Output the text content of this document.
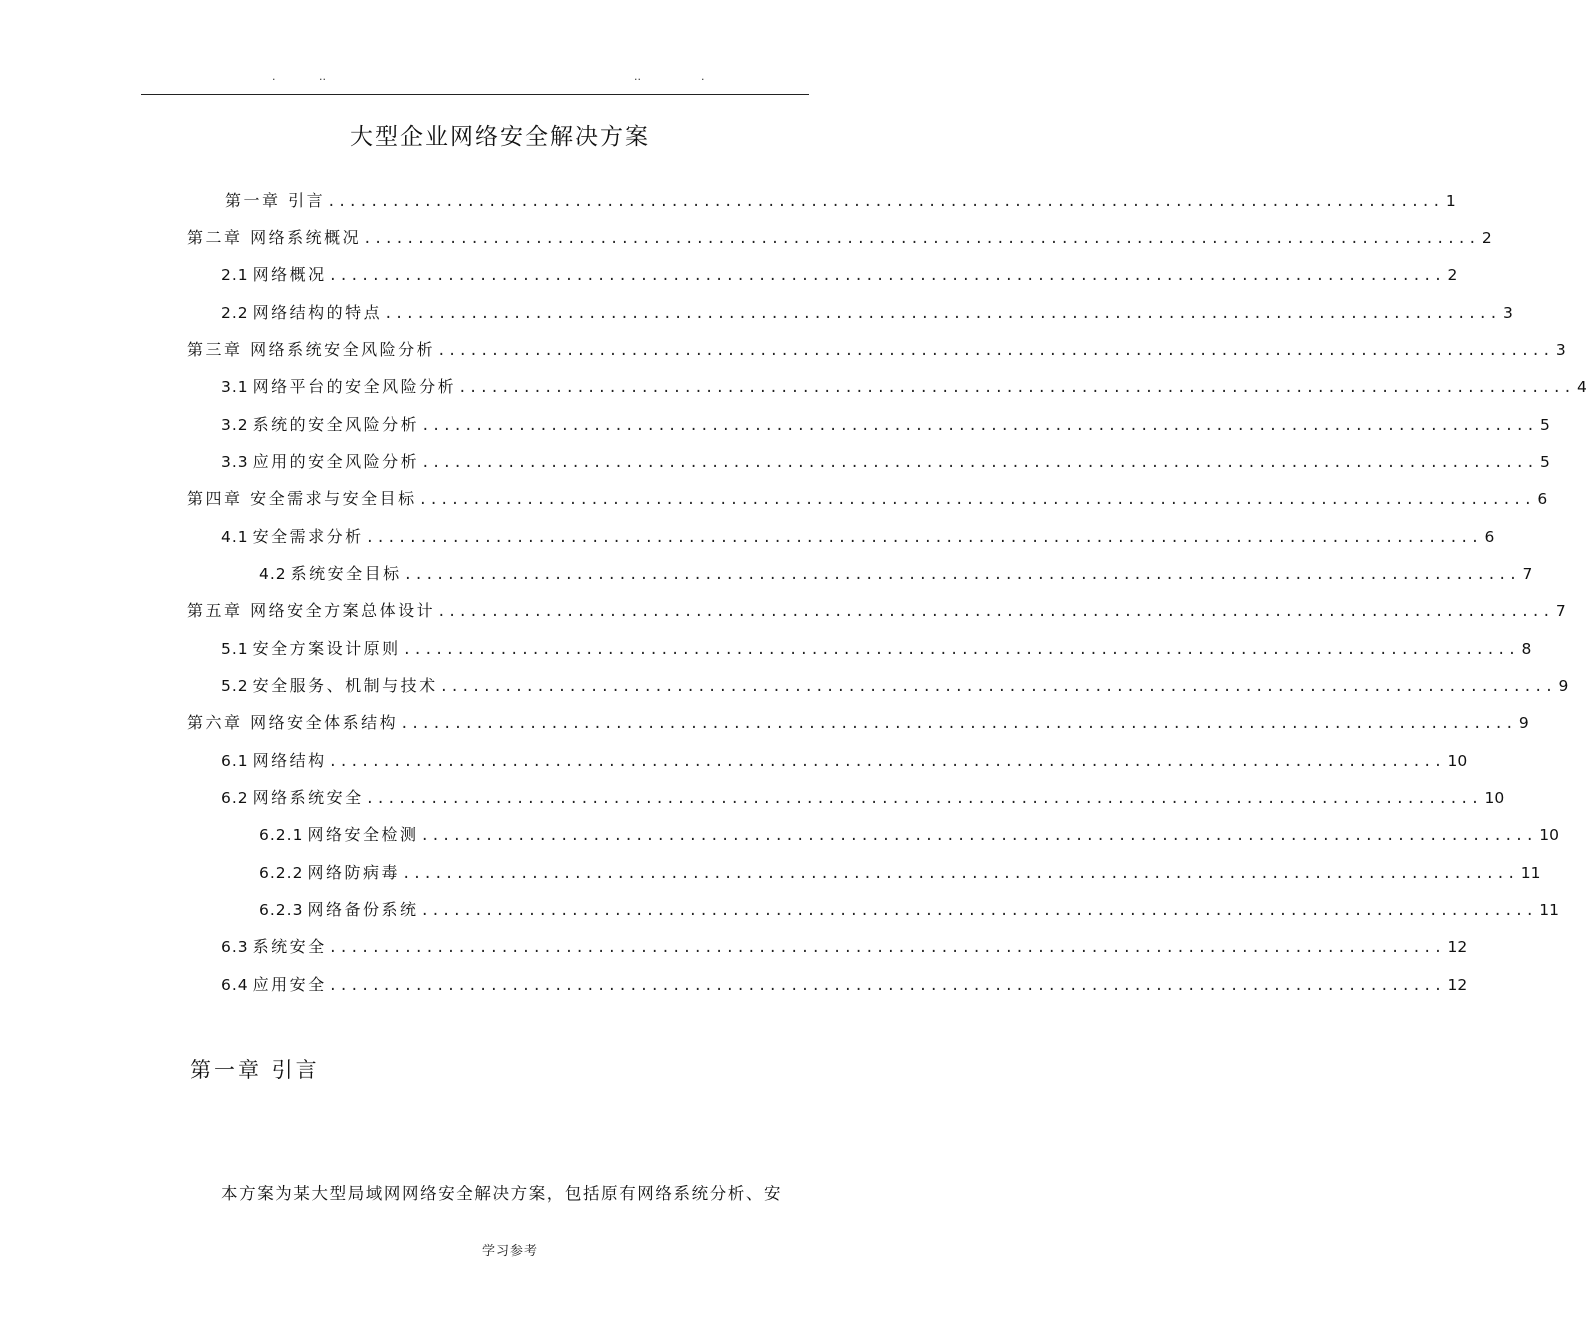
.	..	..	.
大型企业网络安全解决方案
第一章 引言 ........................................................................................................ 1
第二章 网络系统概况 ........................................................................................................ 2
2.1 网络概况 ........................................................................................................ 2
2.2 网络结构的特点 ........................................................................................................ 3
第三章 网络系统安全风险分析 ........................................................................................................ 3
3.1 网络平台的安全风险分析 ........................................................................................................ 4
3.2 系统的安全风险分析 ........................................................................................................ 5
3.3 应用的安全风险分析 ........................................................................................................ 5
第四章 安全需求与安全目标 ........................................................................................................ 6
4.1 安全需求分析 ........................................................................................................ 6
4.2 系统安全目标 ........................................................................................................ 7
第五章 网络安全方案总体设计 ........................................................................................................ 7
5.1 安全方案设计原则 ........................................................................................................ 8
5.2 安全服务、机制与技术 ........................................................................................................ 9
第六章 网络安全体系结构 ........................................................................................................ 9
6.1 网络结构 ........................................................................................................ 10
6.2 网络系统安全 ........................................................................................................ 10
6.2.1 网络安全检测 ........................................................................................................ 10
6.2.2 网络防病毒 ........................................................................................................ 11
6.2.3 网络备份系统 ........................................................................................................ 11
6.3 系统安全 ........................................................................................................ 12
6.4 应用安全 ........................................................................................................ 12
第一章 引言
本方案为某大型局域网网络安全解决方案，包括原有网络系统分析、安
学习参考
